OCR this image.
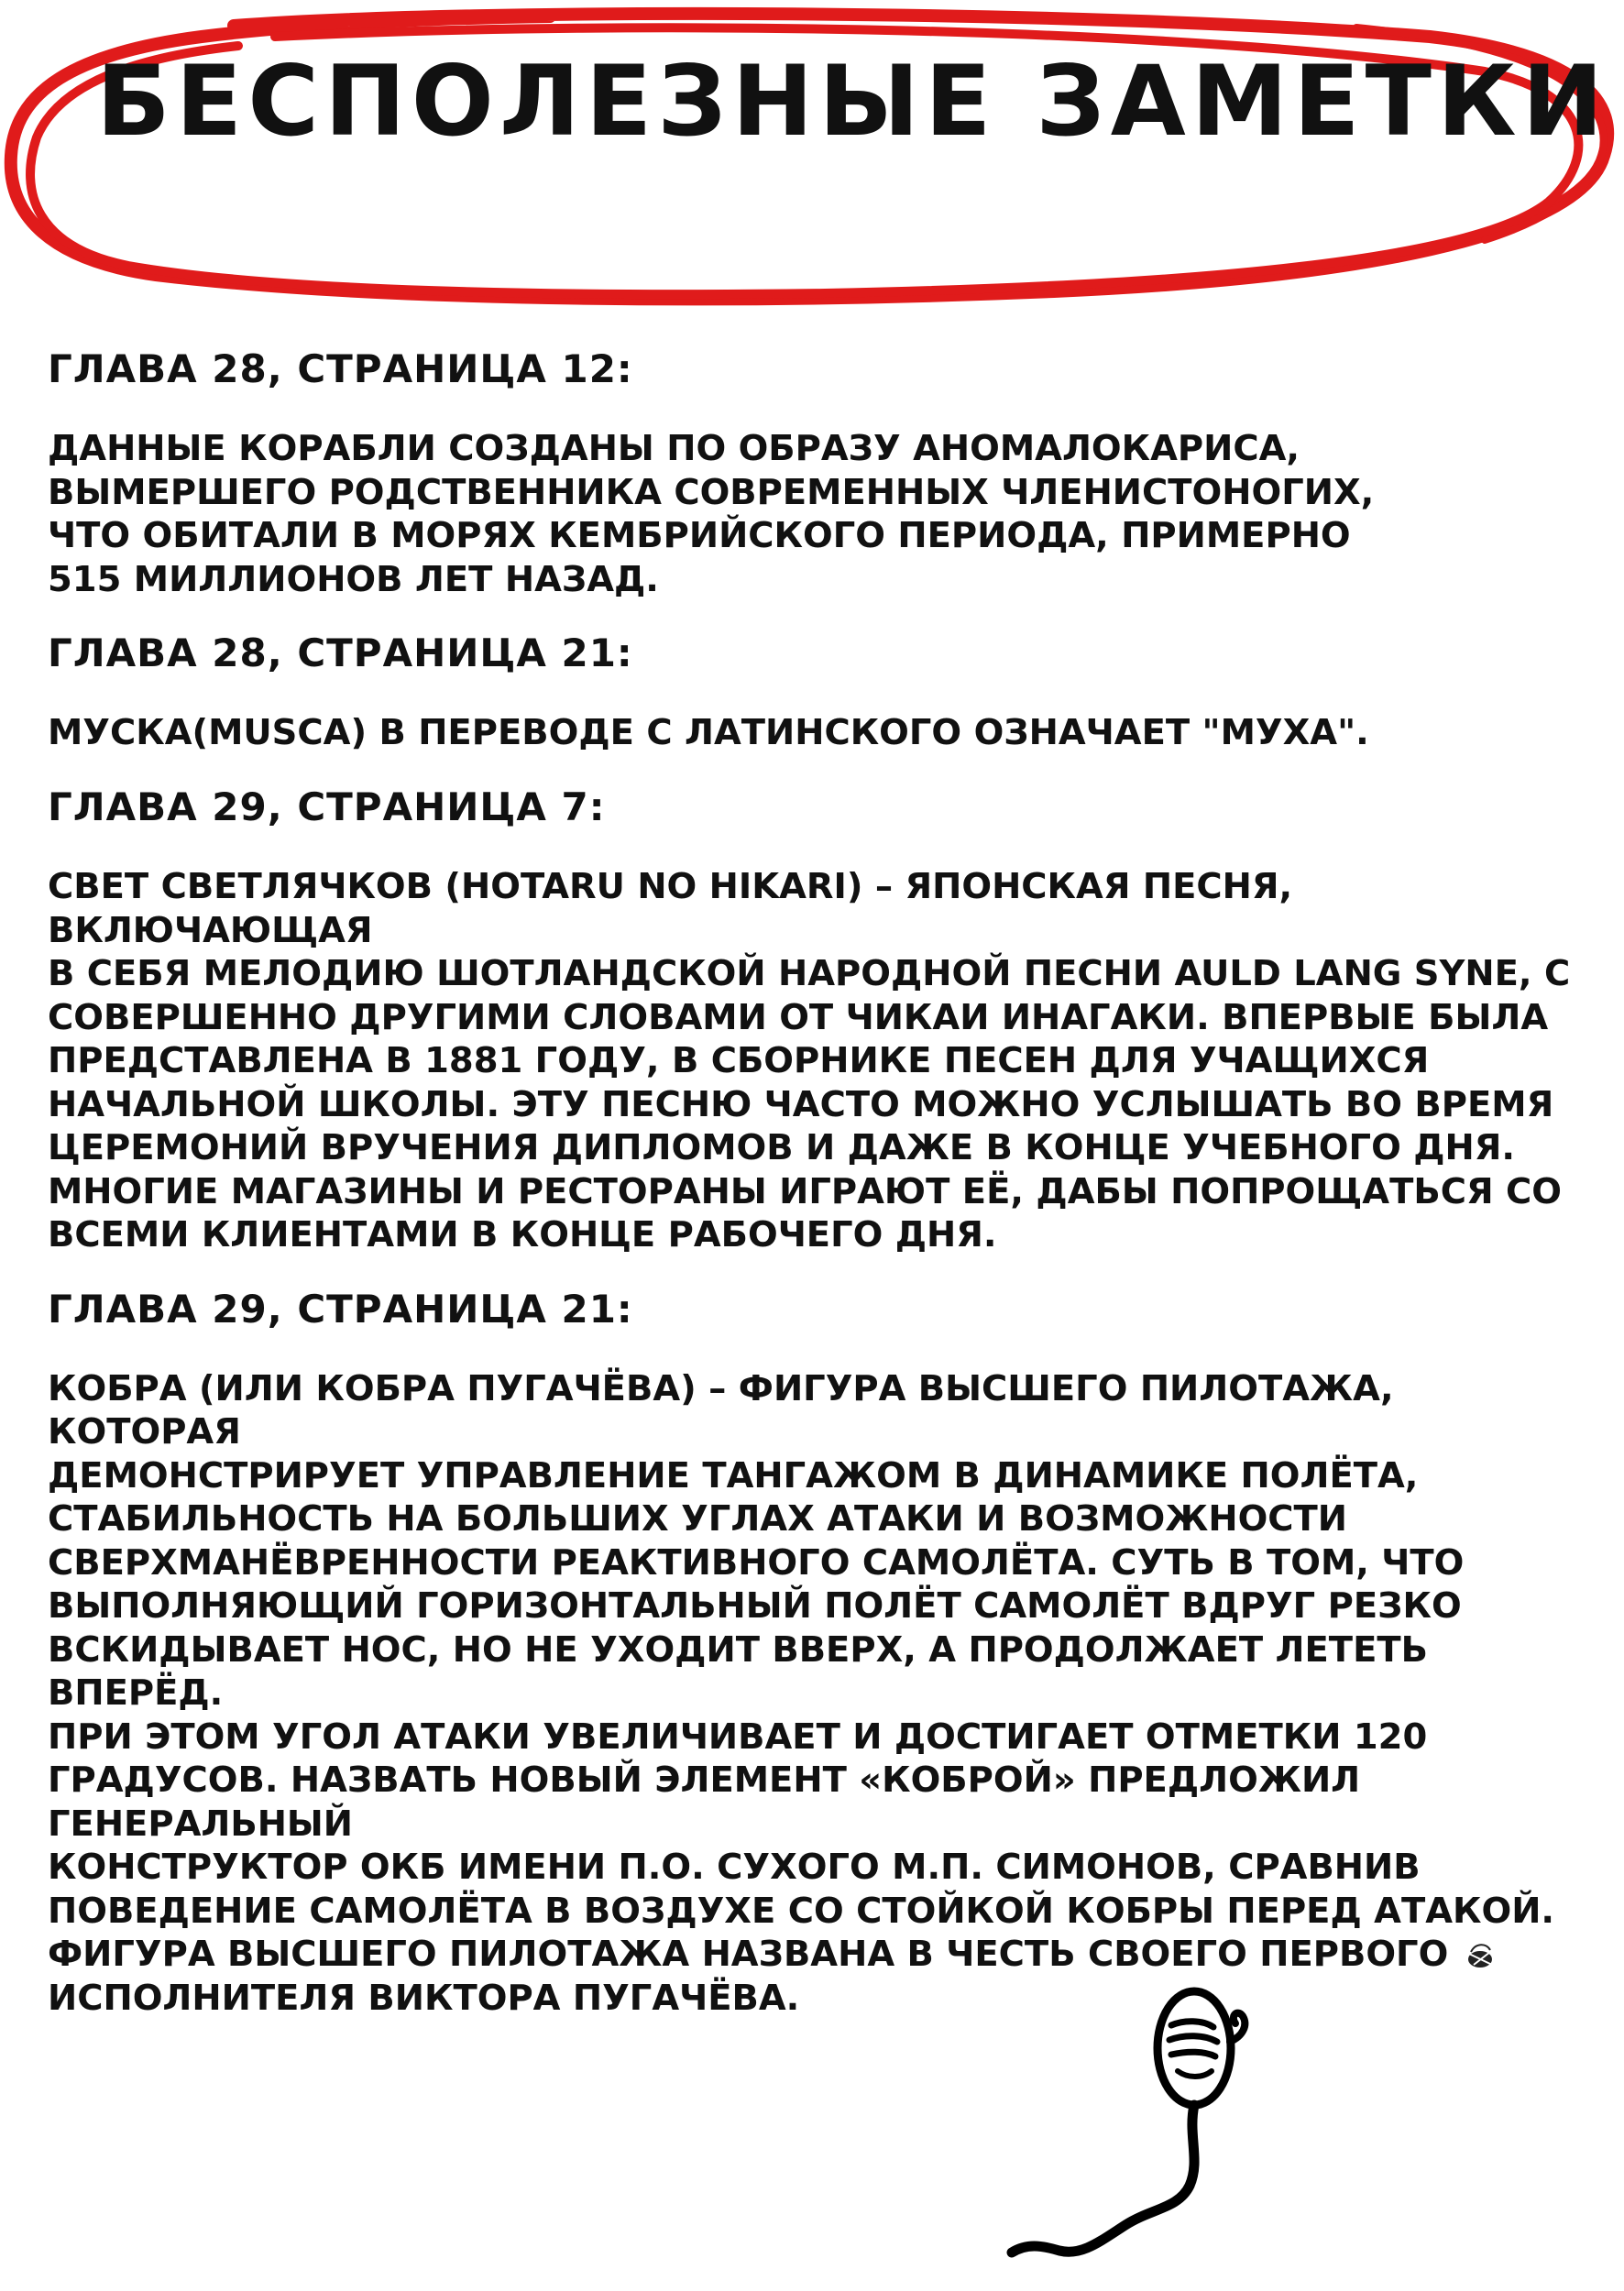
БЕСПОЛЕЗНЫЕ ЗАМЕТКИ

ГЛАВА 28, СТРАНИЦА 12:

ДАННЫЕ КОРАБЛИ СОЗДАНЫ ПО ОБРАЗУ АНОМАЛОКАРИСА,
ВЫМЕРШЕГО РОДСТВЕННИКА СОВРЕМЕННЫХ ЧЛЕНИСТОНОГИХ,
ЧТО ОБИТАЛИ В МОРЯХ КЕМБРИЙСКОГО ПЕРИОДА, ПРИМЕРНО
515 МИЛЛИОНОВ ЛЕТ НАЗАД.

ГЛАВА 28, СТРАНИЦА 21:

МУСКА(MUSCA) В ПЕРЕВОДЕ С ЛАТИНСКОГО ОЗНАЧАЕТ "МУХА".

ГЛАВА 29, СТРАНИЦА 7:

СВЕТ СВЕТЛЯЧКОВ (HOTARU NO HIKARI) – ЯПОНСКАЯ ПЕСНЯ, ВКЛЮЧАЮЩАЯ
В СЕБЯ МЕЛОДИЮ ШОТЛАНДСКОЙ НАРОДНОЙ ПЕСНИ AULD LANG SYNE, С
СОВЕРШЕННО ДРУГИМИ СЛОВАМИ ОТ ЧИКАИ ИНАГАКИ. ВПЕРВЫЕ БЫЛА
ПРЕДСТАВЛЕНА В 1881 ГОДУ, В СБОРНИКЕ ПЕСЕН ДЛЯ УЧАЩИХСЯ
НАЧАЛЬНОЙ ШКОЛЫ. ЭТУ ПЕСНЮ ЧАСТО МОЖНО УСЛЫШАТЬ ВО ВРЕМЯ
ЦЕРЕМОНИЙ ВРУЧЕНИЯ ДИПЛОМОВ И ДАЖЕ В КОНЦЕ УЧЕБНОГО ДНЯ.
МНОГИЕ МАГАЗИНЫ И РЕСТОРАНЫ ИГРАЮТ ЕЁ, ДАБЫ ПОПРОЩАТЬСЯ СО
ВСЕМИ КЛИЕНТАМИ В КОНЦЕ РАБОЧЕГО ДНЯ.

ГЛАВА 29, СТРАНИЦА 21:

КОБРА (ИЛИ КОБРА ПУГАЧЁВА) – ФИГУРА ВЫСШЕГО ПИЛОТАЖА, КОТОРАЯ
ДЕМОНСТРИРУЕТ УПРАВЛЕНИЕ ТАНГАЖОМ В ДИНАМИКЕ ПОЛЁТА,
СТАБИЛЬНОСТЬ НА БОЛЬШИХ УГЛАХ АТАКИ И ВОЗМОЖНОСТИ
СВЕРХМАНЁВРЕННОСТИ РЕАКТИВНОГО САМОЛЁТА. СУТЬ В ТОМ, ЧТО
ВЫПОЛНЯЮЩИЙ ГОРИЗОНТАЛЬНЫЙ ПОЛЁТ САМОЛЁТ ВДРУГ РЕЗКО
ВСКИДЫВАЕТ НОС, НО НЕ УХОДИТ ВВЕРХ, А ПРОДОЛЖАЕТ ЛЕТЕТЬ ВПЕРЁД.
ПРИ ЭТОМ УГОЛ АТАКИ УВЕЛИЧИВАЕТ И ДОСТИГАЕТ ОТМЕТКИ 120
ГРАДУСОВ. НАЗВАТЬ НОВЫЙ ЭЛЕМЕНТ «КОБРОЙ» ПРЕДЛОЖИЛ ГЕНЕРАЛЬНЫЙ
КОНСТРУКТОР ОКБ ИМЕНИ П.О. СУХОГО М.П. СИМОНОВ, СРАВНИВ
ПОВЕДЕНИЕ САМОЛЁТА В ВОЗДУХЕ СО СТОЙКОЙ КОБРЫ ПЕРЕД АТАКОЙ.
ФИГУРА ВЫСШЕГО ПИЛОТАЖА НАЗВАНА В ЧЕСТЬ СВОЕГО ПЕРВОГО
ИСПОЛНИТЕЛЯ ВИКТОРА ПУГАЧЁВА.
